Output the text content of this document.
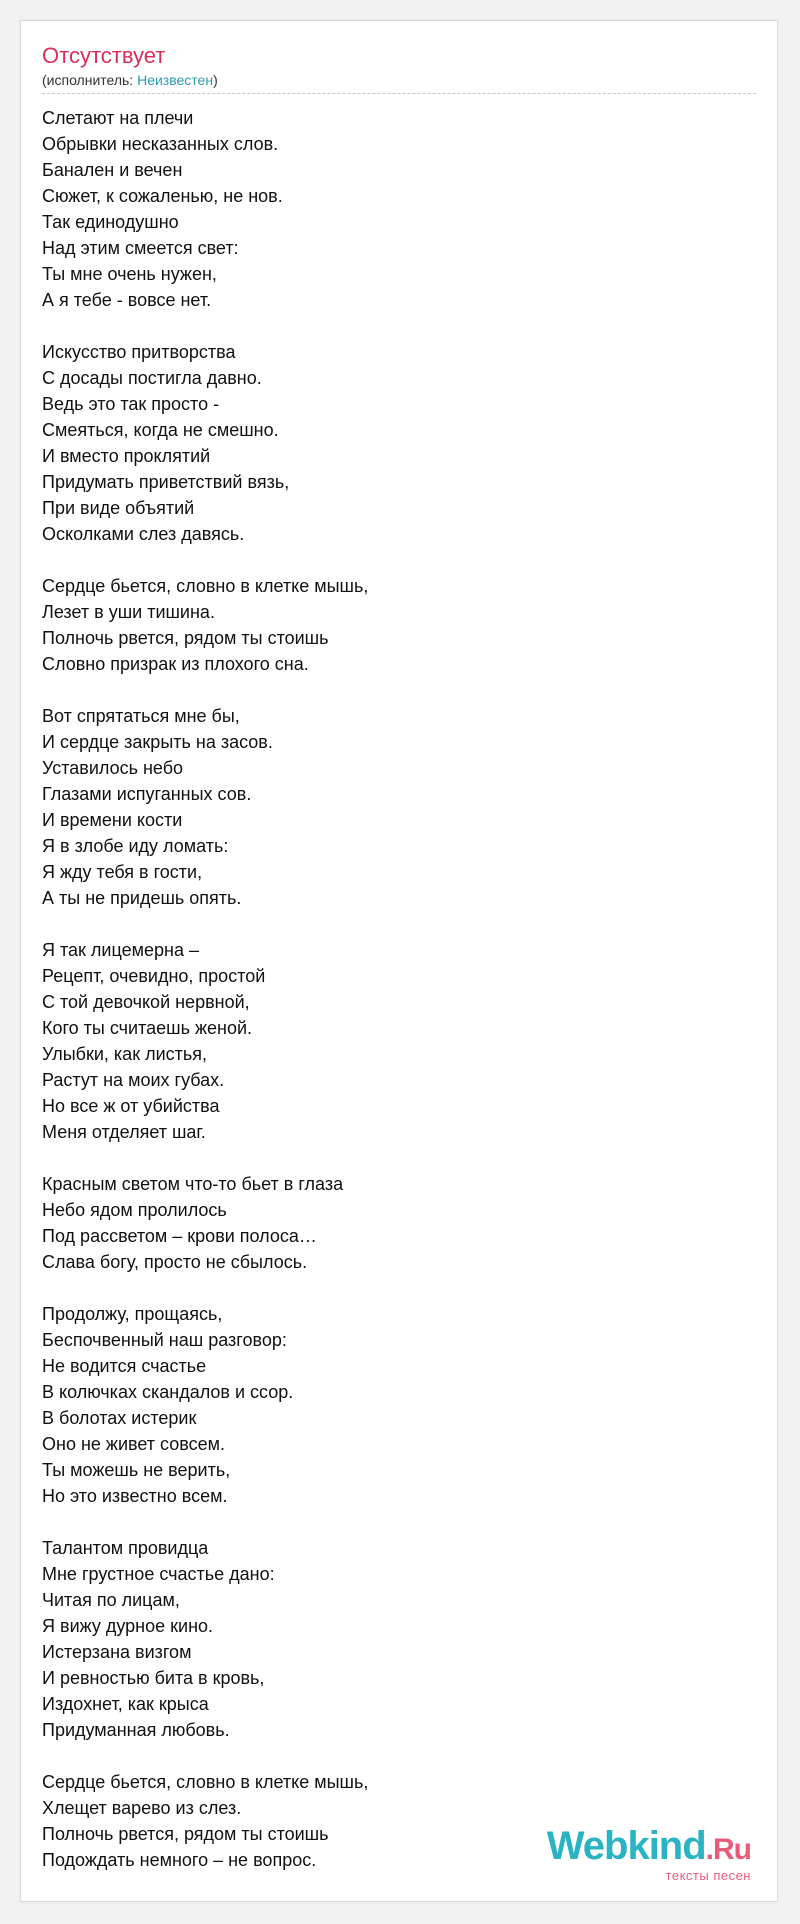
Отсутствует
(исполнитель: Неизвестен)
Слетают на плечи
Обрывки несказанных слов.
Банален и вечен
Сюжет, к сожаленью, не нов.
Так единодушно
Над этим смеется свет:
Ты мне очень нужен,
А я тебе - вовсе нет.
Искусство притворства
С досады постигла давно.
Ведь это так просто -
Смеяться, когда не смешно.
И вместо проклятий
Придумать приветствий вязь,
При виде объятий
Осколками слез давясь.
Сердце бьется, словно в клетке мышь,
Лезет в уши тишина.
Полночь рвется, рядом ты стоишь
Словно призрак из плохого сна.
Вот спрятаться мне бы,
И сердце закрыть на засов.
Уставилось небо
Глазами испуганных сов.
И времени кости
Я в злобе иду ломать:
Я жду тебя в гости,
А ты не придешь опять.
Я так лицемерна –
Рецепт, очевидно, простой
С той девочкой нервной,
Кого ты считаешь женой.
Улыбки, как листья,
Растут на моих губах.
Но все ж от убийства
Меня отделяет шаг.
Красным светом что-то бьет в глаза
Небо ядом пролилось
Под рассветом – крови полоса…
Слава богу, просто не сбылось.
Продолжу, прощаясь,
Беспочвенный наш разговор:
Не водится счастье
В колючках скандалов и ссор.
В болотах истерик
Оно не живет совсем.
Ты можешь не верить,
Но это известно всем.
Талантом провидца
Мне грустное счастье дано:
Читая по лицам,
Я вижу дурное кино.
Истерзана визгом
И ревностью бита в кровь,
Издохнет, как крыса
Придуманная любовь.
Сердце бьется, словно в клетке мышь,
Хлещет варево из слез.
Полночь рвется, рядом ты стоишь
Подождать немного – не вопрос.	Webkind.Ru
тексты песен
